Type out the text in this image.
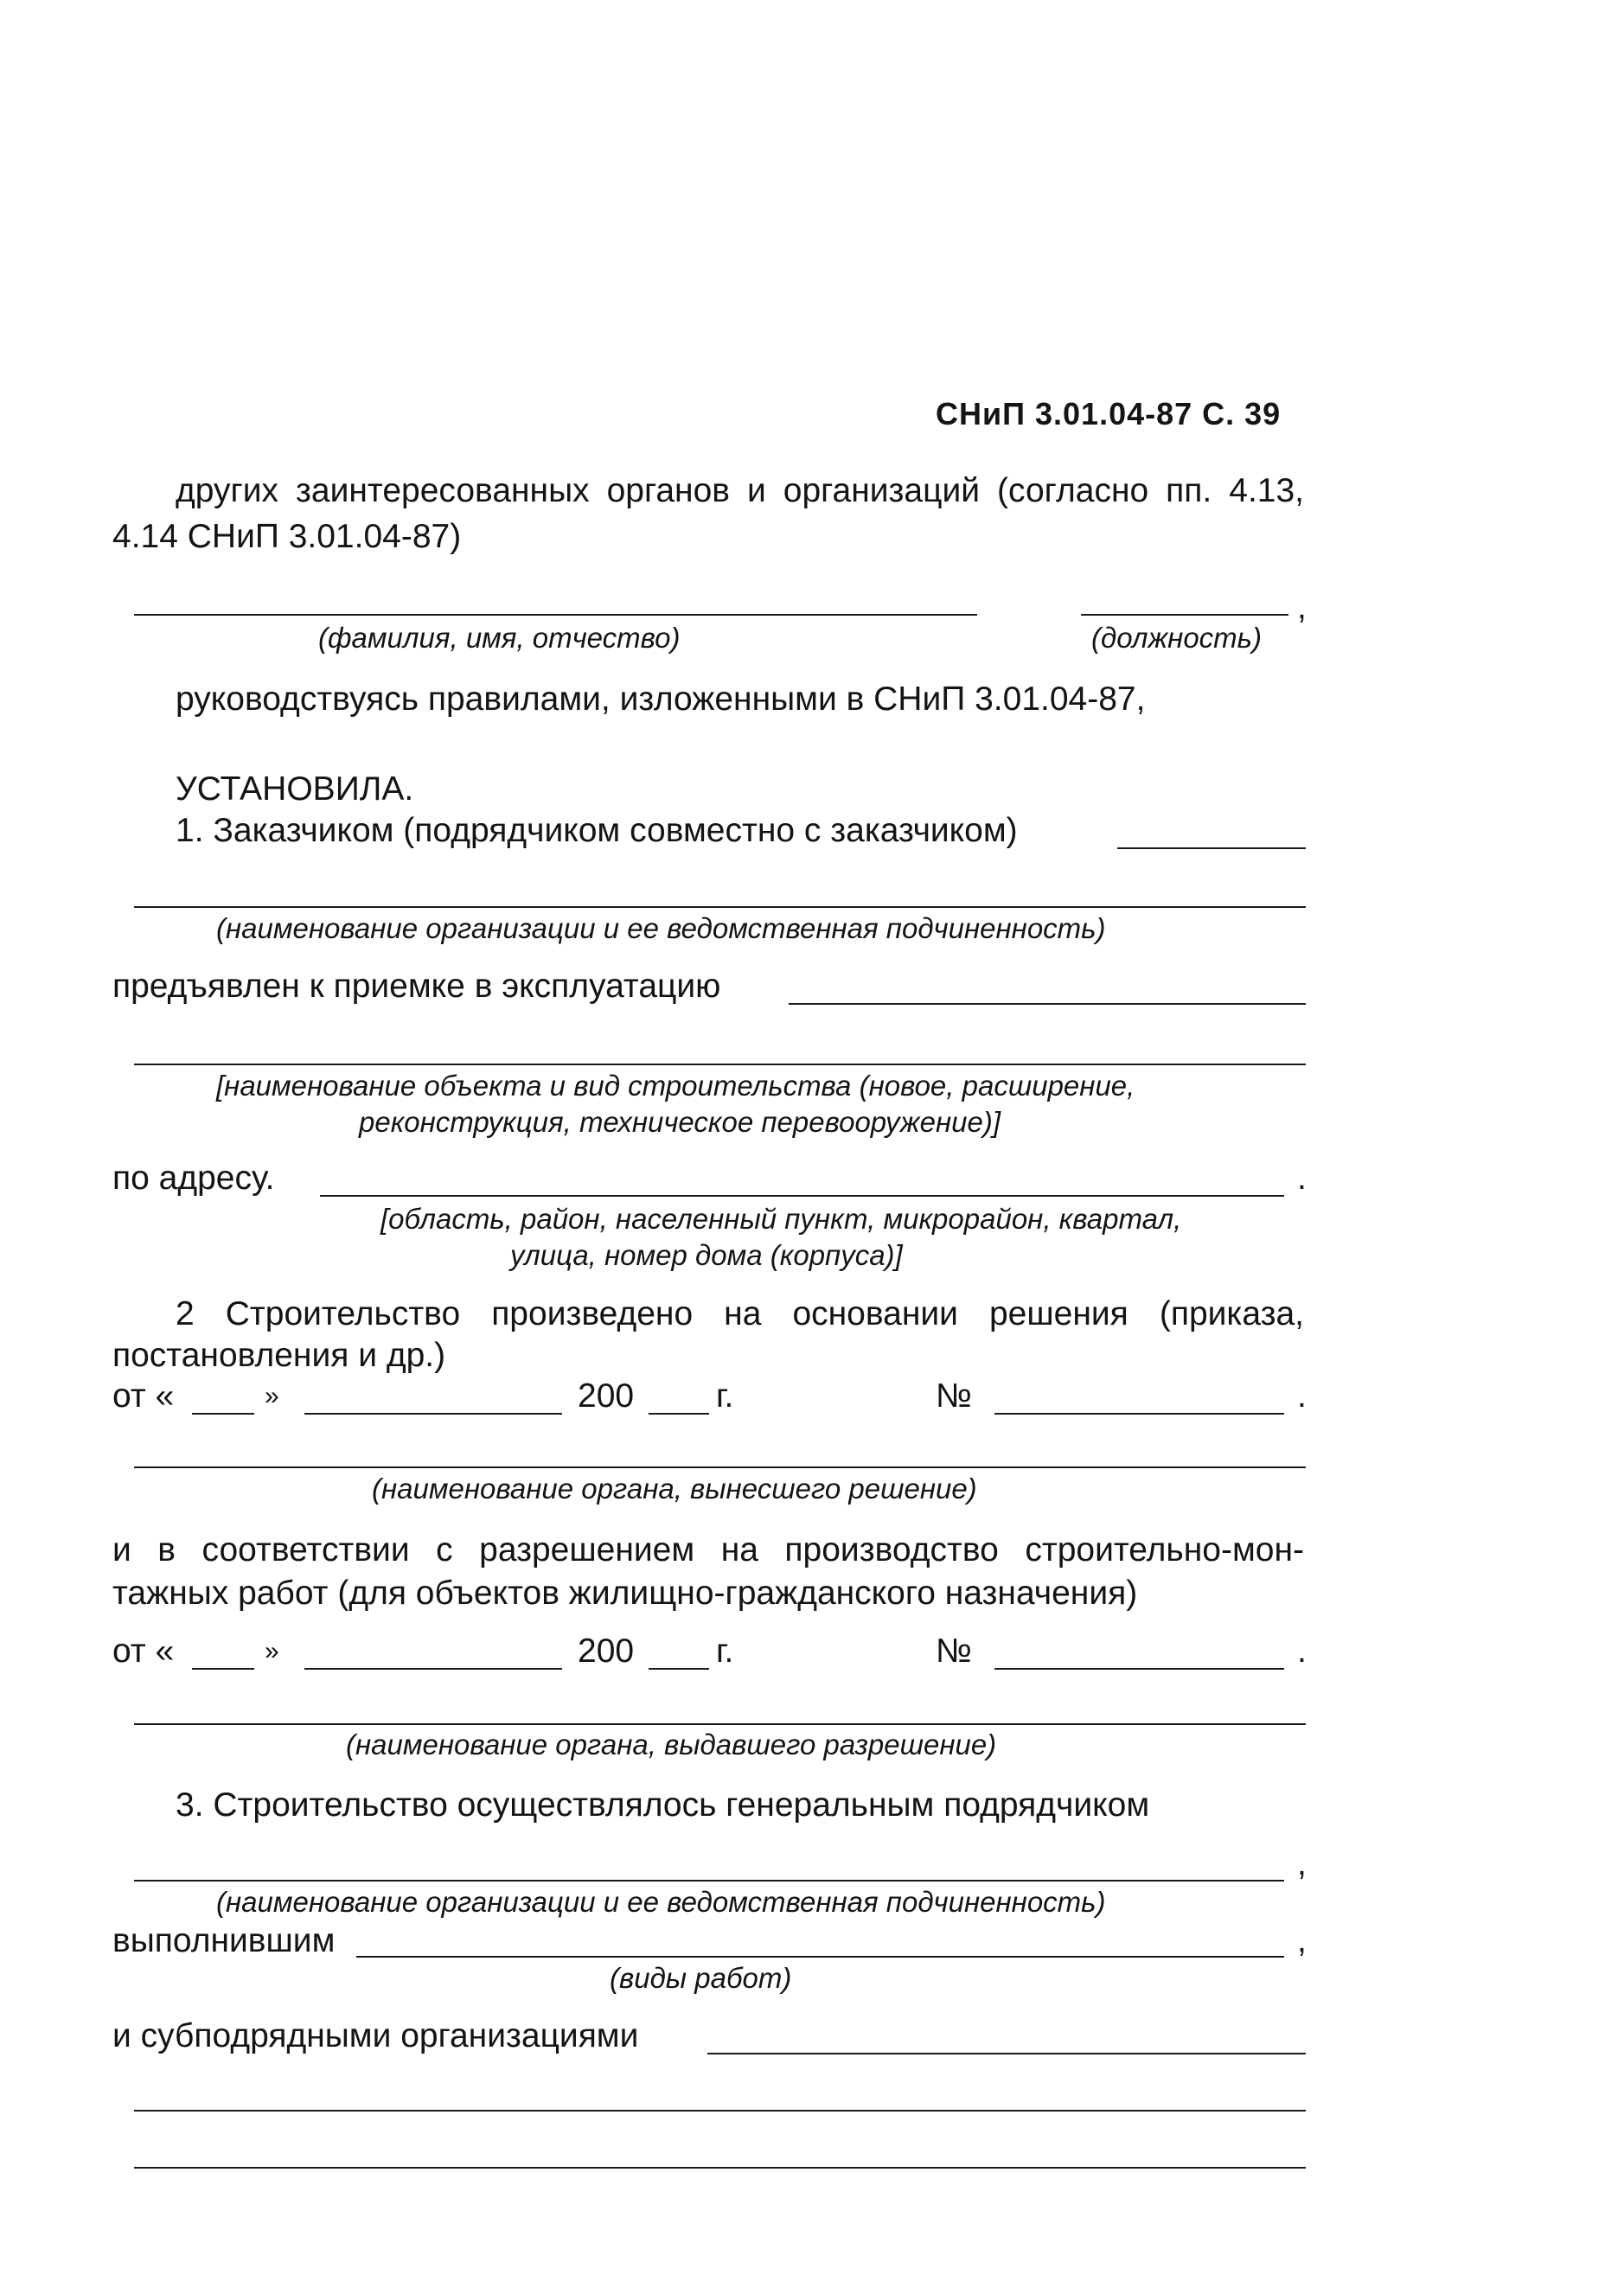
СНиП 3.01.04-87 С. 39
других заинтересованных органов и организаций (согласно пп. 4.13,
4.14 СНиП 3.01.04-87)
,
(фамилия, имя, отчество)	(должность)
руководствуясь правилами, изложенными в СНиП 3.01.04-87,
УСТАНОВИЛА.
1. Заказчиком (подрядчиком совместно с заказчиком)
(наименование организации и ее ведомственная подчиненность)
предъявлен к приемке в эксплуатацию
[наименование объекта и вид строительства (новое, расширение,
реконструкция, техническое перевооружение)]
по адресу.	.
[область, район, населенный пункт, микрорайон, квартал,
улица, номер дома (корпуса)]
2 Строительство произведено на основании решения (приказа,
постановления и др.)
от «	»	200 г.	№	.
(наименование органа, вынесшего решение)
и в соответствии с разрешением на производство строительно-мон-
тажных работ (для объектов жилищно-гражданского назначения)
от «	»	200 г.	№	.
(наименование органа, выдавшего разрешение)
3. Строительство осуществлялось генеральным подрядчиком
,
(наименование организации и ее ведомственная подчиненность)
выполнившим	,
(виды работ)
и субподрядными организациями
